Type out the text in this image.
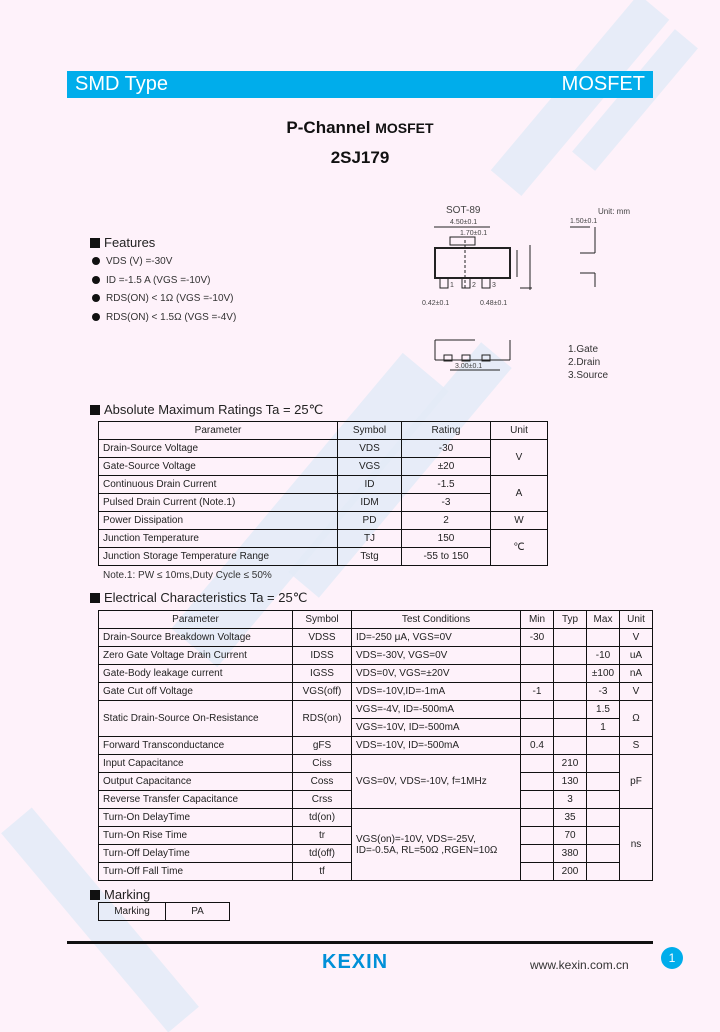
SMD Type	MOSFET
P-Channel MOSFET
2SJ179
Features
VDS (V) =-30V
ID =-1.5 A (VGS =-10V)
RDS(ON) < 1Ω (VGS =-10V)
RDS(ON) < 1.5Ω (VGS =-4V)
SOT-89	Unit: mm
4.50±0.1
1.70±0.1
0.42±0.1	0.48±0.1
1.50±0.1
3.00±0.1
1	2 3
1.Gate
2.Drain
3.Source
Absolute Maximum Ratings Ta = 25℃
Parameter	Symbol	Rating	Unit
Drain-Source Voltage	VDS	-30	V
Gate-Source Voltage	VGS	±20	
Continuous Drain Current	ID	-1.5	A
Pulsed Drain Current (Note.1)	IDM	-3	
Power Dissipation	PD	2	W
Junction Temperature	TJ	150	℃
Junction Storage Temperature Range	Tstg	-55 to 150	
Note.1: PW ≤ 10ms,Duty Cycle ≤ 50%
Electrical Characteristics Ta = 25℃
Parameter	Symbol	Test Conditions	Min	Typ	Max	Unit
Drain-Source Breakdown Voltage	VDSS	ID=-250 μA, VGS=0V	-30			V
Zero Gate Voltage Drain Current	IDSS	VDS=-30V, VGS=0V			-10	uA
Gate-Body leakage current	IGSS	VDS=0V, VGS=±20V			±100	nA
Gate Cut off Voltage	VGS(off)	VDS=-10V,ID=-1mA	-1		-3	V
Static Drain-Source On-Resistance	RDS(on)	VGS=-4V, ID=-500mA			1.5	Ω
		VGS=-10V, ID=-500mA			1	
Forward Transconductance	gFS	VDS=-10V, ID=-500mA	0.4			S
Input Capacitance	Ciss	VGS=0V, VDS=-10V, f=1MHz		210		pF
Output Capacitance	Coss			130		
Reverse Transfer Capacitance	Crss			3		
Turn-On DelayTime	td(on)	VGS(on)=-10V, VDS=-25V, ID=-0.5A, RL=50Ω ,RGEN=10Ω		35		ns
Turn-On Rise Time	tr			70		
Turn-Off DelayTime	td(off)			380		
Turn-Off Fall Time	tf			200		
Marking
Marking	PA
KEXIN	www.kexin.com.cn	1
